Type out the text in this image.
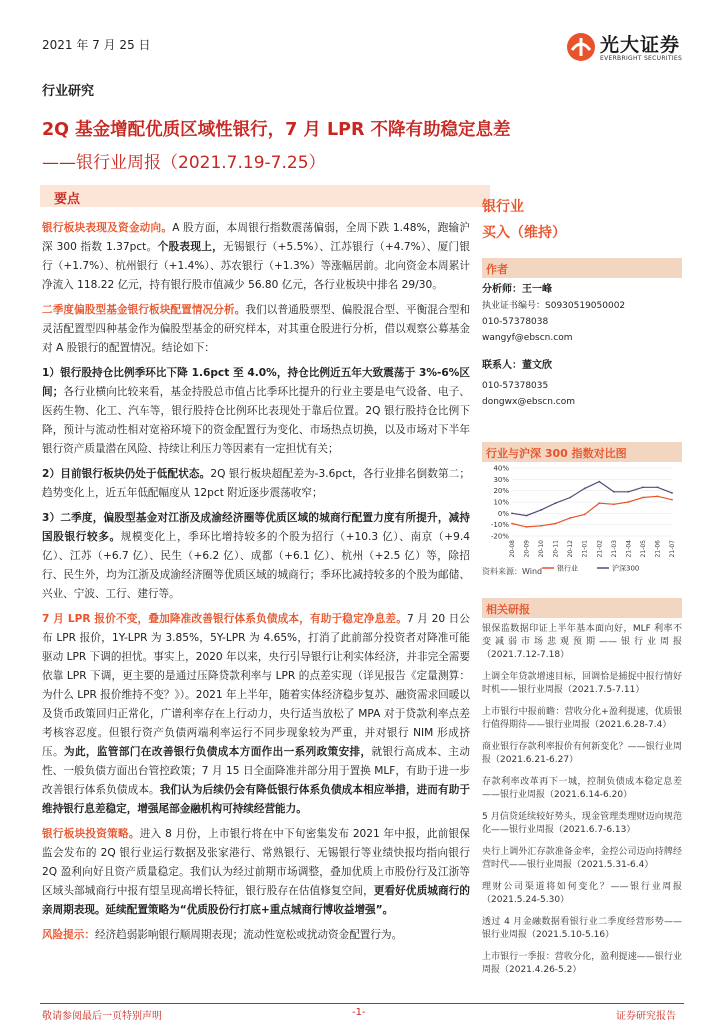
2021 年 7 月 25 日	光大证券
EVERBRIGHT SECURITIES
行业研究
2Q 基金增配优质区域性银行，7 月 LPR 不降有助稳定息差
——银行业周报（2021.7.19-7.25）
要点

银行板块表现及资金动向。A 股方面，本周银行指数震荡偏弱，全周下跌 1.48%，跑输沪深 300 指数 1.37pct。个股表现上，无锡银行（+5.5%）、江苏银行（+4.7%）、厦门银行（+1.7%）、杭州银行（+1.4%）、苏农银行（+1.3%）等涨幅居前。北向资金本周累计净流入 118.22 亿元，持有银行股市值减少 56.80 亿元，各行业板块中排名 29/30。

二季度偏股型基金银行板块配置情况分析。我们以普通股票型、偏股混合型、平衡混合型和灵活配置型四种基金作为偏股型基金的研究样本，对其重仓股进行分析，借以观察公募基金对 A 股银行的配置情况。结论如下：

1）银行股持仓比例季环比下降 1.6pct 至 4.0%，持仓比例近五年大致震荡于 3%-6%区间；各行业横向比较来看，基金持股总市值占比季环比提升的行业主要是电气设备、电子、医药生物、化工、汽车等，银行股持仓比例环比表现处于靠后位置。2Q 银行股持仓比例下降，预计与流动性相对宽裕环境下的资金配置行为变化、市场热点切换，以及市场对下半年银行资产质量潜在风险、持续让利压力等因素有一定担忧有关；

2）目前银行板块仍处于低配状态。2Q 银行板块超配差为-3.6pct，各行业排名倒数第二；趋势变化上，近五年低配幅度从 12pct 附近逐步震荡收窄；

3）二季度，偏股型基金对江浙及成渝经济圈等优质区域的城商行配置力度有所提升，减持国股银行较多。规模变化上，季环比增持较多的个股为招行（+10.3 亿）、南京（+9.4 亿）、江苏（+6.7 亿）、民生（+6.2 亿）、成都（+6.1 亿）、杭州（+2.5 亿）等，除招行、民生外，均为江浙及成渝经济圈等优质区域的城商行；季环比减持较多的个股为邮储、兴业、宁波、工行、建行等。

7 月 LPR 报价不变，叠加降准改善银行体系负债成本，有助于稳定净息差。7 月 20 日公布 LPR 报价，1Y-LPR 为 3.85%，5Y-LPR 为 4.65%，打消了此前部分投资者对降准可能驱动 LPR 下调的担忧。事实上，2020 年以来，央行引导银行让利实体经济，并非完全需要依靠 LPR 下调，更主要的是通过压降贷款利率与 LPR 的点差实现（详见报告《定量测算：为什么 LPR 报价维持不变？》）。2021 年上半年，随着实体经济稳步复苏、融资需求回暖以及货币政策回归正常化，广谱利率存在上行动力，央行适当放松了 MPA 对于贷款利率点差考核容忍度。但银行资产负债两端利率运行不同步现象较为严重，并对银行 NIM 形成挤压。为此，监管部门在改善银行负债成本方面作出一系列政策安排，就银行高成本、主动性、一般负债方面出台管控政策；7 月 15 日全面降准并部分用于置换 MLF，有助于进一步改善银行体系负债成本。我们认为后续仍会有降低银行体系负债成本相应举措，进而有助于维持银行息差稳定，增强尾部金融机构可持续经营能力。

银行板块投资策略。进入 8 月份，上市银行将在中下旬密集发布 2021 年中报，此前银保监会发布的 2Q 银行业运行数据及张家港行、常熟银行、无锡银行等业绩快报均指向银行 2Q 盈利向好且资产质量稳定。我们认为经过前期市场调整，叠加优质上市股份行及江浙等区域头部城商行中报有望呈现高增长特征，银行股存在估值修复空间，更看好优质城商行的亲周期表现。延续配置策略为“优质股份行打底+重点城商行博收益增强”。

风险提示：经济趋弱影响银行顺周期表现；流动性宽松或扰动资金配置行为。

银行业
买入（维持）
作者
分析师：王一峰
执业证书编号：S0930519050002
010-57378038
wangyf@ebscn.com
联系人：董文欣
010-57378035
dongwx@ebscn.com
行业与沪深 300 指数对比图
40%
30%
20%
10%
0%
-10%
-20%
20-08 20-09 20-10 20-11 20-12 21-01 21-02 21-03 21-04 21-05 21-06 21-07
银行业	沪深300
资料来源：Wind
相关研报
银保监数据印证上半年基本面向好，MLF 利率不变减弱市场悲观预期——银行业周报（2021.7.12-7.18）
上调全年贷款增速目标，回调恰是捕捉中报行情好时机——银行业周报（2021.7.5-7.11）
上市银行中报前瞻：营收分化+盈利提速，优质银行值得期待——银行业周报（2021.6.28-7.4）
商业银行存款利率报价有何新变化？——银行业周报（2021.6.21-6.27）
存款利率改革再下一城，控制负债成本稳定息差——银行业周报（2021.6.14-6.20）
5 月信贷延续较好势头，现金管理类理财迈向规范化——银行业周报（2021.6.7-6.13）
央行上调外汇存款准备金率，金控公司迈向持牌经营时代——银行业周报（2021.5.31-6.4）
理财公司渠道将如何变化？——银行业周报（2021.5.24-5.30）
透过 4 月金融数据看银行业二季度经营形势——银行业周报（2021.5.10-5.16）
上市银行一季报：营收分化，盈利提速——银行业周报（2021.4.26-5.2）
敬请参阅最后一页特别声明	-1-	证券研究报告
